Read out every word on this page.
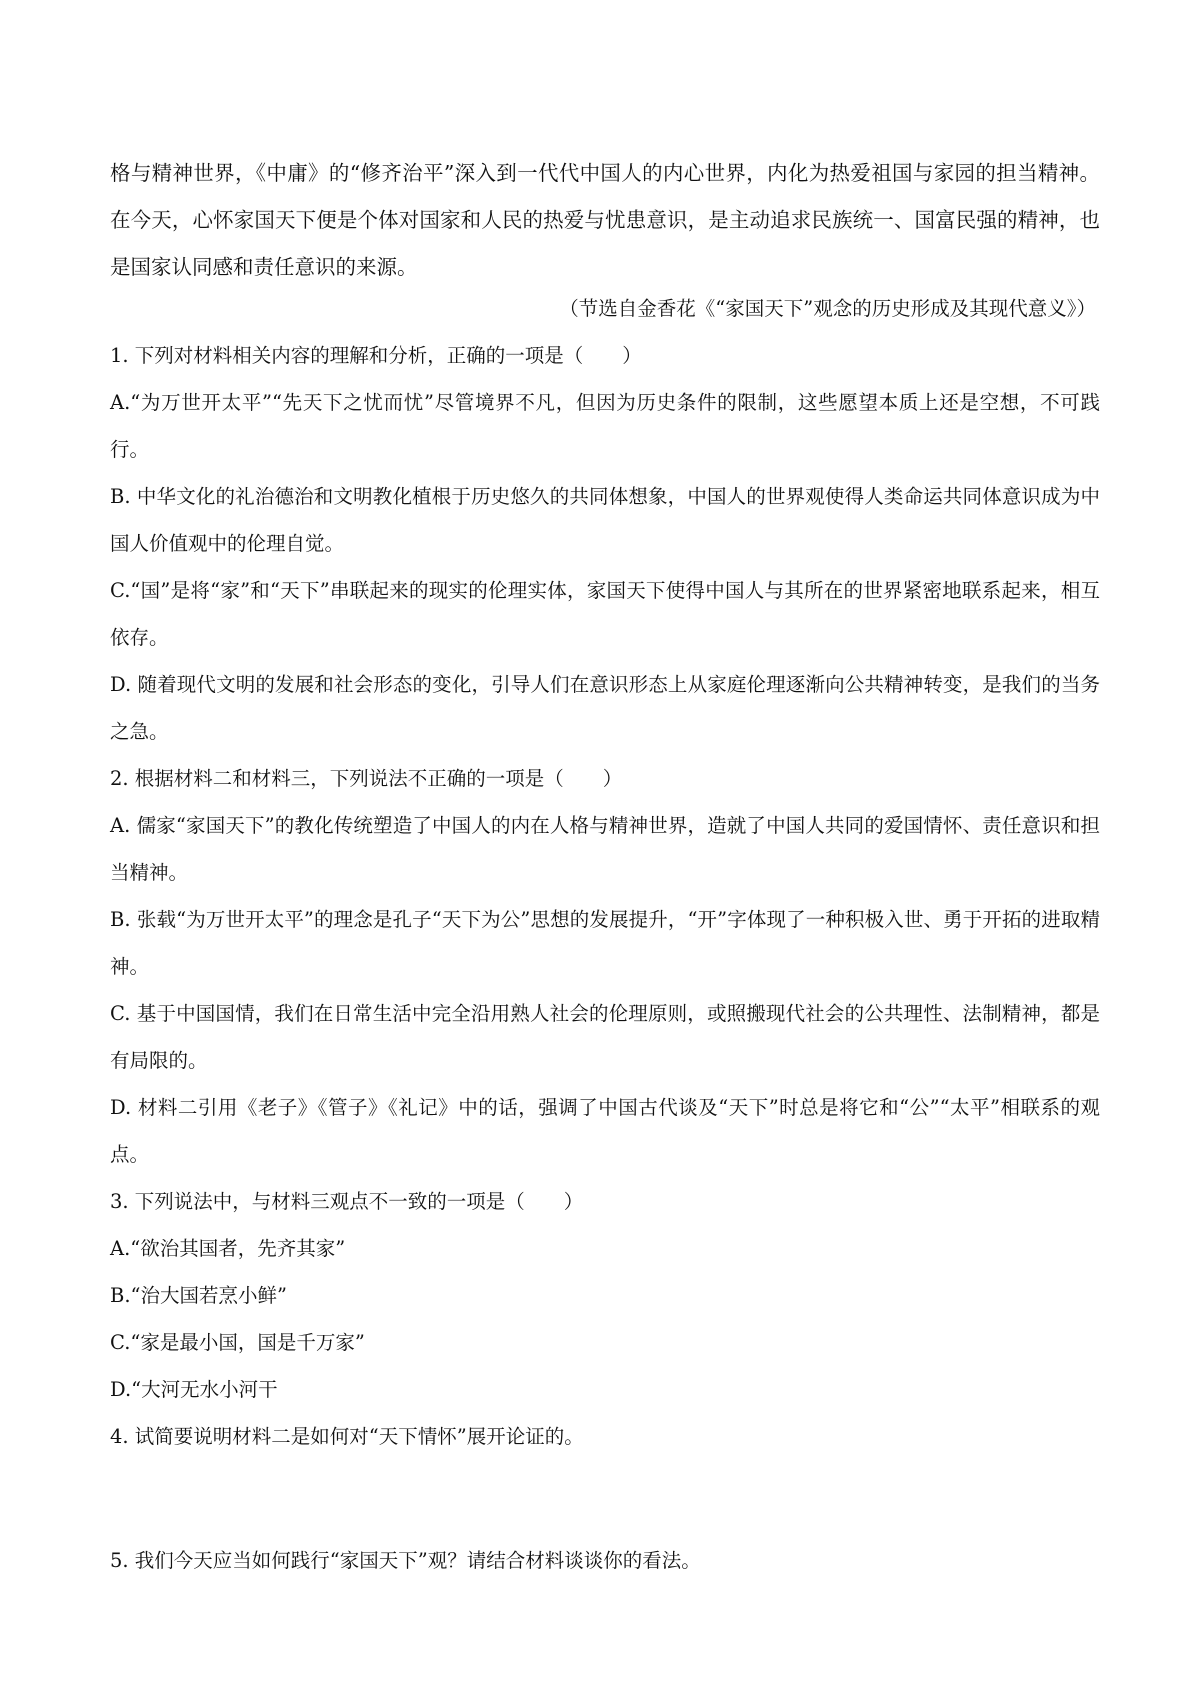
格与精神世界，《中庸》的“修齐治平”深入到一代代中国人的内心世界，内化为热爱祖国与家园的担当精神。在今天，心怀家国天下便是个体对国家和人民的热爱与忧患意识，是主动追求民族统一、国富民强的精神，也是国家认同感和责任意识的来源。

（节选自金香花《“家国天下”观念的历史形成及其现代意义》）

1. 下列对材料相关内容的理解和分析，正确的一项是（　　）

A.“为万世开太平”“先天下之忧而忧”尽管境界不凡，但因为历史条件的限制，这些愿望本质上还是空想，不可践行。

B. 中华文化的礼治德治和文明教化植根于历史悠久的共同体想象，中国人的世界观使得人类命运共同体意识成为中国人价值观中的伦理自觉。

C.“国”是将“家”和“天下”串联起来的现实的伦理实体，家国天下使得中国人与其所在的世界紧密地联系起来，相互依存。

D. 随着现代文明的发展和社会形态的变化，引导人们在意识形态上从家庭伦理逐渐向公共精神转变，是我们的当务之急。

2. 根据材料二和材料三，下列说法不正确的一项是（　　）

A. 儒家“家国天下”的教化传统塑造了中国人的内在人格与精神世界，造就了中国人共同的爱国情怀、责任意识和担当精神。

B. 张载“为万世开太平”的理念是孔子“天下为公”思想的发展提升，“开”字体现了一种积极入世、勇于开拓的进取精神。

C. 基于中国国情，我们在日常生活中完全沿用熟人社会的伦理原则，或照搬现代社会的公共理性、法制精神，都是有局限的。

D. 材料二引用《老子》《管子》《礼记》中的话，强调了中国古代谈及“天下”时总是将它和“公”“太平”相联系的观点。

3. 下列说法中，与材料三观点不一致的一项是（　　）

A.“欲治其国者，先齐其家”

B.“治大国若烹小鲜”

C.“家是最小国，国是千万家”

D.“大河无水小河干

4. 试简要说明材料二是如何对“天下情怀”展开论证的。

5. 我们今天应当如何践行“家国天下”观？请结合材料谈谈你的看法。
